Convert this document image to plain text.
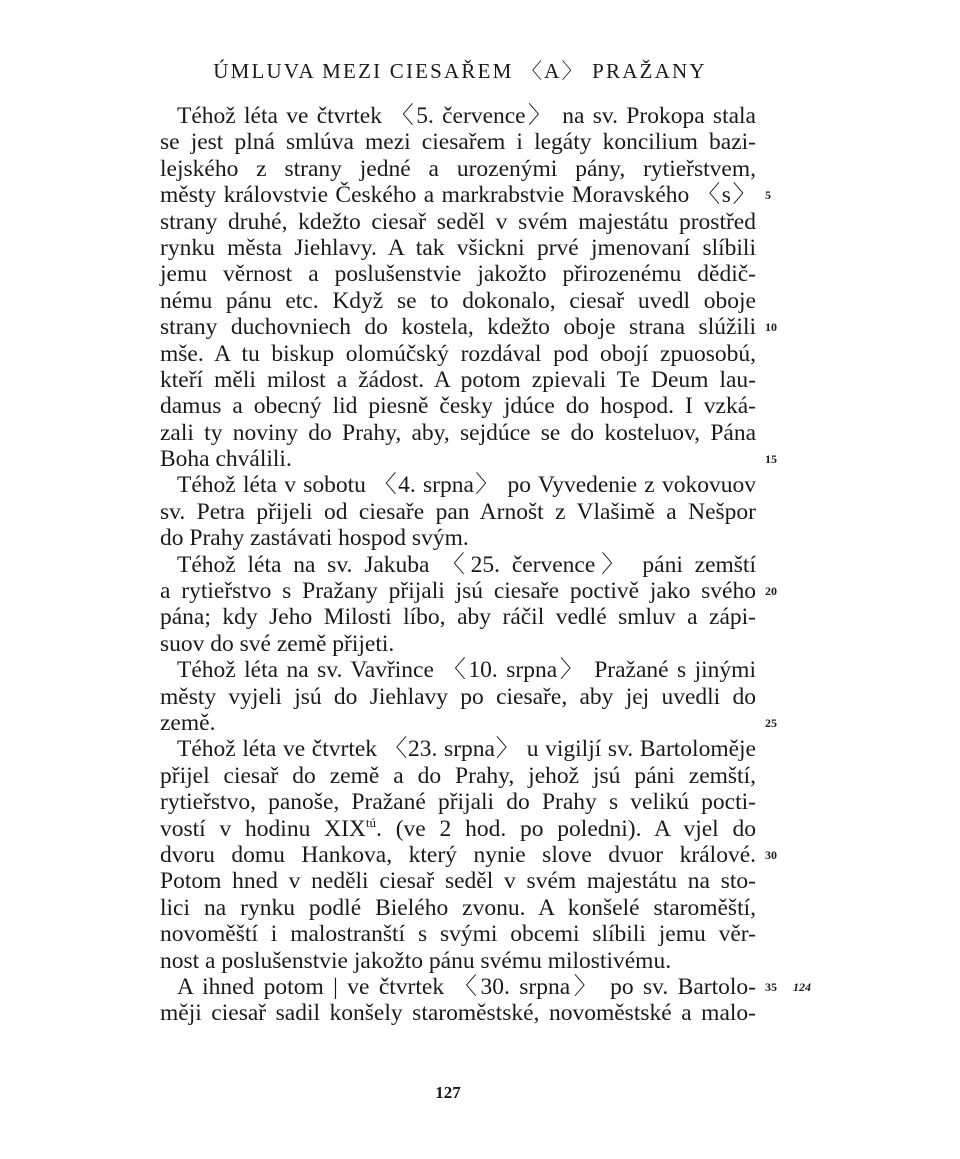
ÚMLUVA MEZI CIESAŘEM 〈A〉 PRAŽANY
Téhož léta ve čtvrtek 〈5. července〉 na sv. Prokopa stala
se jest plná smlúva mezi ciesařem i legáty koncilium bazi-
lejského z strany jedné a urozenými pány, rytieřstvem,
městy královstvie Českého a markrabstvie Moravského 〈s〉
strany druhé, kdežto ciesař seděl v svém majestátu prostřed
rynku města Jiehlavy. A tak všickni prvé jmenovaní slíbili
jemu věrnost a poslušenstvie jakožto přirozenému dědič-
nému pánu etc. Když se to dokonalo, ciesař uvedl oboje
strany duchovniech do kostela, kdežto oboje strana slúžili
mše. A tu biskup olomúčský rozdával pod obojí zpuosobú,
kteří měli milost a žádost. A potom zpievali Te Deum lau-
damus a obecný lid piesně česky jdúce do hospod. I vzká-
zali ty noviny do Prahy, aby, sejdúce se do kosteluov, Pána
Boha chválili.
Téhož léta v sobotu 〈4. srpna〉 po Vyvedenie z vokovuov
sv. Petra přijeli od ciesaře pan Arnošt z Vlašimě a Nešpor
do Prahy zastávati hospod svým.
Téhož léta na sv. Jakuba 〈25. července〉 páni zemští
a rytieřstvo s Pražany přijali jsú ciesaře poctivě jako svého
pána; kdy Jeho Milosti líbo, aby ráčil vedlé smluv a zápi-
suov do své země přijeti.
Téhož léta na sv. Vavřince 〈10. srpna〉 Pražané s jinými
městy vyjeli jsú do Jiehlavy po ciesaře, aby jej uvedli do
země.
Téhož léta ve čtvrtek 〈23. srpna〉 u vigiljí sv. Bartoloměje
přijel ciesař do země a do Prahy, jehož jsú páni zemští,
rytieřstvo, panoše, Pražané přijali do Prahy s velikú pocti-
vostí v hodinu $XIX^{tú}$. (ve 2 hod. po poledni). A vjel do
dvoru domu Hankova, který nynie slove dvuor králové.
Potom hned v neděli ciesař seděl v svém majestátu na sto-
lici na rynku podlé Bielého zvonu. A konšelé staroměští,
novoměští i malostranští s svými obcemi slíbili jemu věr-
nost a poslušenstvie jakožto pánu svému milostivému.
A ihned potom | ve čtvrtek 〈30. srpna〉 po sv. Bartolo-
měji ciesař sadil konšely staroměstské, novoměstské a malo-
5
10
15
20
25
30
35 124
127
